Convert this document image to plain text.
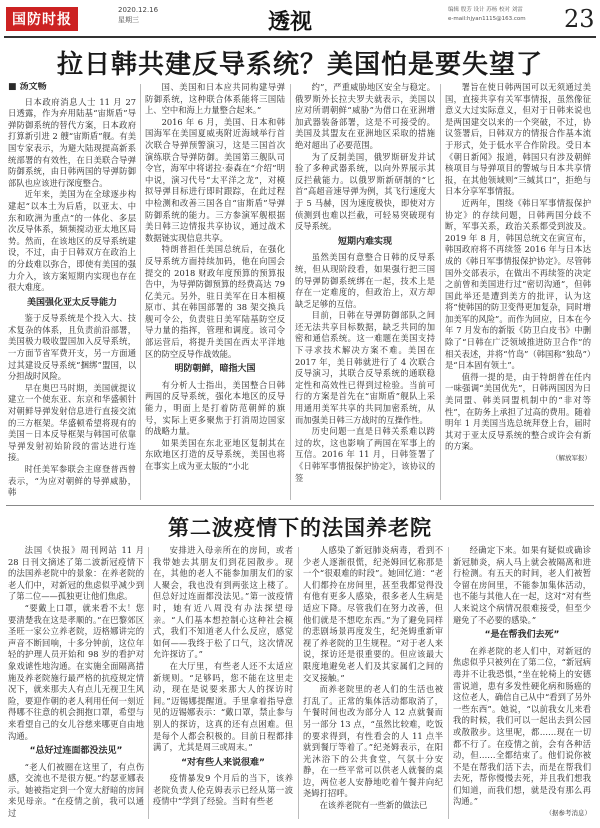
国防时报
2020.12.16
星期三	透视	编辑 殷芳 设计 苏杨 校对 刘雷
e-mail:hjyan1115@163.com	23
拉日韩共建反导系统？美国怕是要失望了

■ 汤文畅

日本政府消息人士 11 月 27 日透露，作为弃用陆基“宙斯盾”导弹防御系统的替代方案，日本政府打算新引进 2 艘“宙斯盾”舰。有美国专家表示，为避大陆现提高新系统部署的有效性，在日美联合导弹防御系统，由日韩两国的导弹防御部队也应该进行深度整合。

近年来，美国为在全球逐步构建起“以本土为后盾，以亚太、中东和欧洲为重点”的一体化、多层次反导体系，频频搅动亚太地区局势。然而，在该地区的反导系统建设，不过，由于日韩双方在政治上的分歧难以弥合，即使有美国的强力介入，该方案短期内实现也存在很大难度。

美国强化亚太反导能力

鉴于反导系统是个投入大、技术复杂的体系，且负责前沿部署，美国极力吸收盟国加入反导系统，一方面节省军费开支，另一方面通过其建设反导系统“捆绑”盟国，以分担战时风险。

早在奥巴马时期，美国就提议建立一个使东亚、东京和华盛顿针对朝鲜导弹发射信息进行直接交流的三方框架。华盛顿希望将现有的美国－日本反导框架与韩国可依靠导弹发射初始阶段的雷达进行连接。

时任美军参联会主席登普西曾表示，“为应对朝鲜的导弹威胁，韩

国、美国和日本应共同构建导弹防御系统，这种联合体系能将三国陆上、空中和海上力量整合起来。”

2016 年 6 月，美国、日本和韩国海军在美国夏威夷附近海域举行首次联合导弹预警演习，这是三国首次演练联合导弹防御。美国第三舰队司令官，海军中将诺拉·泰森在“介绍”明中说，演习代号“太平洋之龙”，对模拟导弹目标进行即时跟踪，在此过程中检测和改善三国各自“宙斯盾”导弹防御系统的能力。三方参演军舰根据美日韩三边情报共享协议，通过战术数据链实现信息共享。

特朗普担任美国总统后，在强化反导系统方面持续加码，他在向国会提交的 2018 财政年度预算的预算报告中，为导弹防御预算的经费高达 79 亿美元。另外，驻日美军在日本相模原市、其在韩国部署的 38 架交换兵舰可令公，负责驻日美军陆基防空反导力量的指挥，管理和调度。该司令部运营后，将提升美国在西太平洋地区的防空反导作战效能。

明防朝鲜，暗指大国

有分析人士指出，美国整合日韩两国的反导系统，强化本地区的反导能力，明面上是打着防范朝鲜的旗号，实际上更多聚焦于打消周边国家的战略力量。

如果美国在东北亚地区复制其在东欧地区打造的反导系统，美国也将在事实上成为亚太版的“小北

约”，严重威胁地区安全与稳定。俄罗斯外长拉夫罗夫就表示，美国以应对所谓朝鲜“威胁”为借口在亚洲增加武器装备部署，这是不可接受的。美国及其盟友在亚洲地区采取的措施绝对超出了必要范围。

为了反制美国，俄罗斯研发并试验了多种武器系统，以向外界展示其反拦截能力。以俄罗斯新研制的“匕首”高超音速导弹为例，其飞行速度大于 5 马赫，因为速度极快，即使对方侦测到也难以拦截，可轻易突破现有反导系统。

短期内难实现

虽然美国有意整合日韩的反导系统，但从现阶段看，如果强行把三国的导弹防御系统绑在一起，技术上是存在一定难度的，但政治上，双方却缺乏足够的互信。

目前，日韩在导弹防御部队之间还无法共享目标数据，缺乏共同的加密和通信系统。这一难题在美国支持下寻求技术解决方案不难。美国在 2017 年，美日韩就进行了 4 次联合反导演习，其联合反导系统的通联稳定性和高效性已得到过检验。当前可行的方案是首先在“宙斯盾”舰队上采用通用美军共享的共同加密系统，从而加强美日韩三方战时的互操作性。

历史问题一直是日韩关系难以跨过的坎，这也影响了两国在军事上的互信。2016 年 11 月，日韩签署了《日韩军事情报保护协定》，该协议的签

署旨在使日韩两国可以无须通过美国，直接共享有关军事情报，虽然像征意义大过实际意义，但对于日韩来说也是两国建交以来的一个突破，不过，协议签署后，日韩双方的情报合作基本流于形式，处于低水平合作阶段。受日本《朝日新闻》报道，韩国只有涉及朝鲜核项目与导弹项目的警城与日本共享情报，在其他领域则“三缄其口”，拒绝与日本分享军事情报。

近两年，围绕《韩日军事情报保护协定》的存续问题，日韩两国分歧不断，军事关系，政治关系都受到波及。2019 年 8 月，韩国总统文在寅宣布，韩国政府将不再续签 2016 年与日本达成的《韩日军事情报保护协定》。尽管韩国外交部表示，在做出不再续签的决定之前曾和美国进行过“密切沟通”，但韩国此举还是遭到美方的批评，认为这将“使韩国的防卫变得更加复杂，同时增加美军的风险”。而作为回应，日本在今年 7 月发布的新版《防卫白皮书》中删除了“日韩在广泛领域推进防卫合作”的相关表述，并将“竹岛”（韩国称“独岛”）是“日本固有领土”。

值得一提的是，由于特朗普在任内一味强调“美国优先”，日韩两国因为日美同盟、韩美同盟机制中的“非对等性”，在防务上承担了过高的费用。随着明年 1 月美国当选总统拜登上台，届时其对于亚太反导系统的整合或许会有新的方案。

（解放军报）

第二波疫情下的法国养老院

法国《快报》周刊网站 11 月 28 日刊文摘述了第二波新冠疫情下的法国养老院中的景象：在养老院的老人们中，对新冠的焦虑似乎减少到了第二位——孤独更让他们焦虑。

“要戴上口罩，就来看不太！您要清楚我在这是孝顺的。”在巴黎郊区圣旺一家公立养老院，迈格娜讲完的声音不断回响，十多分钟前，这位年轻的护理人员开始和 98 岁的看护对象戏谑性地沟通。在实施全面隔离措施及养老院施行最严格的抗疫规定情况下，就来那夫人有点儿无视卫生风险，要迎作朝的老人利用任何一刻近得哪不往意的机会拥抱口罩，希望与来看望自己的女儿谷慈来哪更自由地沟通。

“总好过连面都没法见”

“老人们被圈在这里了，有点伤感，交流也不是很方便。”约瑟亚娜表示。她被指定到一个宽大舒暗的房间来见母亲。“在疫情之前，我可以通过

安排进入母亲所在的房间，或者我带她去其朋友们到花园散步。现在，其他的老人不能参加朋友们的家人聚会，我也没有到两张这上楼了。但总好过连面都没法见。”第一波疫情时，她有近八周没有办法探望母亲。“人们基本想控制心这种社会模式，我们不知道老人什么反应，感觉如何——我终于松了口气，这次情况允许探访了。”

在大厅里，有些老人还不太适应新规则。“足够吗，您不能在这里走动，现在是说要来那大人的探访时间。”迈锡娜提醒道。手里拿着指导意见的迈锡娜表示：“戴口罩，禁止参与别人的探访，这真的还有点困难。但是每个人都会积极的。目前日程都排满了，尤其是周三或周末。”

“对有些人来说很难”

疫情暴发9 个月后的当下，该养老院负责人伦克姆表示已经从第一波疫情中“学到了经验。当时有些老

人感染了新冠肺炎病毒，看到不少老人逐渐很慌，纪尧姆回忆称那是一个“很艰难的时段”。她回忆道：“老人们都拎在房间里，甚至我都觉得没有他有更多人感染，很多老人生病是适应下降。尽管我们在努力改善，但他们就是不想吃东西。”为了避免同样的悲剧场景再度发生，纪尧姆重新审视了养老院的卫生规程。“对于老人来说，探访还是很重要的。但应该最大限度地避免老人们及其家属们之间的交叉接触。”

而养老院里的老人们的生活也被打乱了。正常的集体活动都取消了，午餐时间也改为部分人 12 点就餐而另一部分 13 点，“虽然比较难，吃饭的要求得到，有性看会的人 11 点半就到餐厅等着了。”纪尧姆表示，在阳光沐浴下的公共食堂，气氛十分安静，在一些平常可以供老人就餐的桌边，两位老人安静地吃着午餐并向纪尧姆打招呼。

在该养老院有一些新的做法已

经确定下来。如果有疑似或确诊新冠肺炎，病人马上就会被隔离和进行检测。有五天的时间，老人们被暂令留在房间里，不能参加集体活动，也不能与其他人在一起，这对“对有些人来说这个病情况很难接受，但至少避免了不必要的感染。”

“是在帮我们去死”

在养老院的老人们中，对新冠的焦虑似乎只被列在了第二位，“新冠病毒并不让我恐惧，”坐在轮椅上的安德雷说道，患有多发性硬化病和肠癌的这位老人，确信自己从中“看到了另外一些东西”。她说，“以前我女儿来看我的时候，我们可以一起出去到公园或散散步。这里呢，都……现在一切都不行了。在疫情之前，会有各种活动，但……全都结束了。他们说你被不是在帮我们活下去，而是在帮我们去死，帮你慢慢去死，并且我们想我们知道，而我们想，就是没有那么再沟通。”

（据参考消息）
